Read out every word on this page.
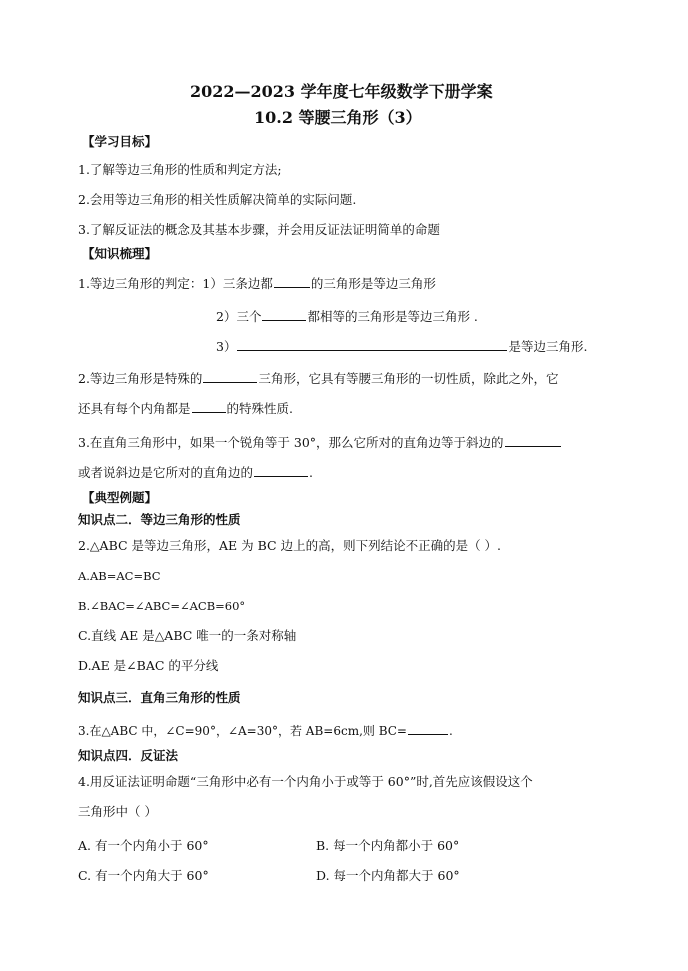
2022—2023 学年度七年级数学下册学案
10.2 等腰三角形（3）
【学习目标】
1.了解等边三角形的性质和判定方法;
2.会用等边三角形的相关性质解决简单的实际问题.
3.了解反证法的概念及其基本步骤，并会用反证法证明简单的命题
【知识梳理】
1.等边三角形的判定：1）三条边都	的三角形是等边三角形
2）三个	都相等的三角形是等边三角形 .
3）	是等边三角形.
2.等边三角形是特殊的	三角形，它具有等腰三角形的一切性质，除此之外，它
还具有每个内角都是	的特殊性质.
3.在直角三角形中，如果一个锐角等于 30°，那么它所对的直角边等于斜边的
或者说斜边是它所对的直角边的	.
【典型例题】
知识点二．等边三角形的性质
2.△ABC 是等边三角形，AE 为 BC 边上的高，则下列结论不正确的是（ ）.
A.AB=AC=BC
B.∠BAC=∠ABC=∠ACB=60°
C.直线 AE 是△ABC 唯一的一条对称轴
D.AE 是∠BAC 的平分线
知识点三．直角三角形的性质
3.在△ABC 中，∠C=90°，∠A=30°，若 AB=6cm,则 BC=	.
知识点四．反证法
4.用反证法证明命题“三角形中必有一个内角小于或等于 60°”时,首先应该假设这个
三角形中（ ）
A. 有一个内角小于 60°	B. 每一个内角都小于 60°
C. 有一个内角大于 60°	D. 每一个内角都大于 60°
